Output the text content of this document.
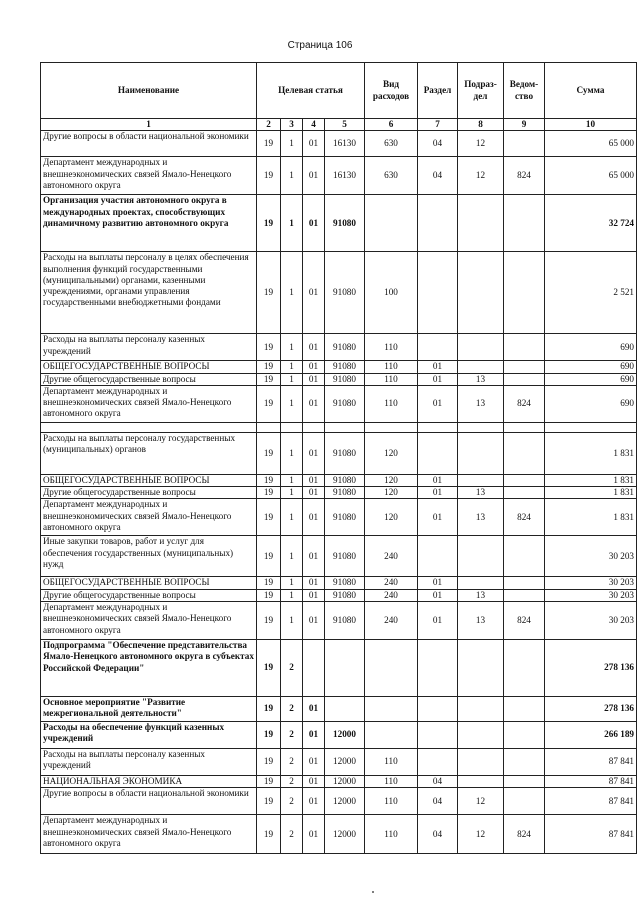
Страница 106
Наименование	Целевая статья				Вид расходов	Раздел	Подраз-дел	Ведом-ство	Сумма
1	2	3	4	5	6	7	8	9	10
Другие вопросы в области национальной экономики	19	1	01	16130	630	04	12		65 000
Департамент международных и внешнеэкономических связей Ямало-Ненецкого автономного округа	19	1	01	16130	630	04	12	824	65 000
Организация участия автономного округа в международных проектах, способствующих динамичному развитию автономного округа	19	1	01	91080					32 724
Расходы на выплаты персоналу в целях обеспечения выполнения функций государственными (муниципальными) органами, казенными учреждениями, органами управления государственными внебюджетными фондами	19	1	01	91080	100				2 521
Расходы на выплаты персоналу казенных учреждений	19	1	01	91080	110				690
ОБЩЕГОСУДАРСТВЕННЫЕ ВОПРОСЫ	19	1	01	91080	110	01			690
Другие общегосударственные вопросы	19	1	01	91080	110	01	13		690
Департамент международных и внешнеэкономических связей Ямало-Ненецкого автономного округа	19	1	01	91080	110	01	13	824	690

Расходы на выплаты персоналу государственных (муниципальных) органов	19	1	01	91080	120				1 831
ОБЩЕГОСУДАРСТВЕННЫЕ ВОПРОСЫ	19	1	01	91080	120	01			1 831
Другие общегосударственные вопросы	19	1	01	91080	120	01	13		1 831
Департамент международных и внешнеэкономических связей Ямало-Ненецкого автономного округа	19	1	01	91080	120	01	13	824	1 831
Иные закупки товаров, работ и услуг для обеспечения государственных (муниципальных) нужд	19	1	01	91080	240				30 203
ОБЩЕГОСУДАРСТВЕННЫЕ ВОПРОСЫ	19	1	01	91080	240	01			30 203
Другие общегосударственные вопросы	19	1	01	91080	240	01	13		30 203
Департамент международных и внешнеэкономических связей Ямало-Ненецкого автономного округа	19	1	01	91080	240	01	13	824	30 203
Подпрограмма "Обеспечение представительства Ямало-Ненецкого автономного округа в субъектах Российской Федерации"	19	2							278 136
Основное мероприятие "Развитие межрегиональной деятельности"	19	2	01						278 136
Расходы на обеспечение функций казенных учреждений	19	2	01	12000					266 189
Расходы на выплаты персоналу казенных учреждений	19	2	01	12000	110				87 841
НАЦИОНАЛЬНАЯ ЭКОНОМИКА	19	2	01	12000	110	04			87 841
Другие вопросы в области национальной экономики	19	2	01	12000	110	04	12		87 841
Департамент международных и внешнеэкономических связей Ямало-Ненецкого автономного округа	19	2	01	12000	110	04	12	824	87 841
